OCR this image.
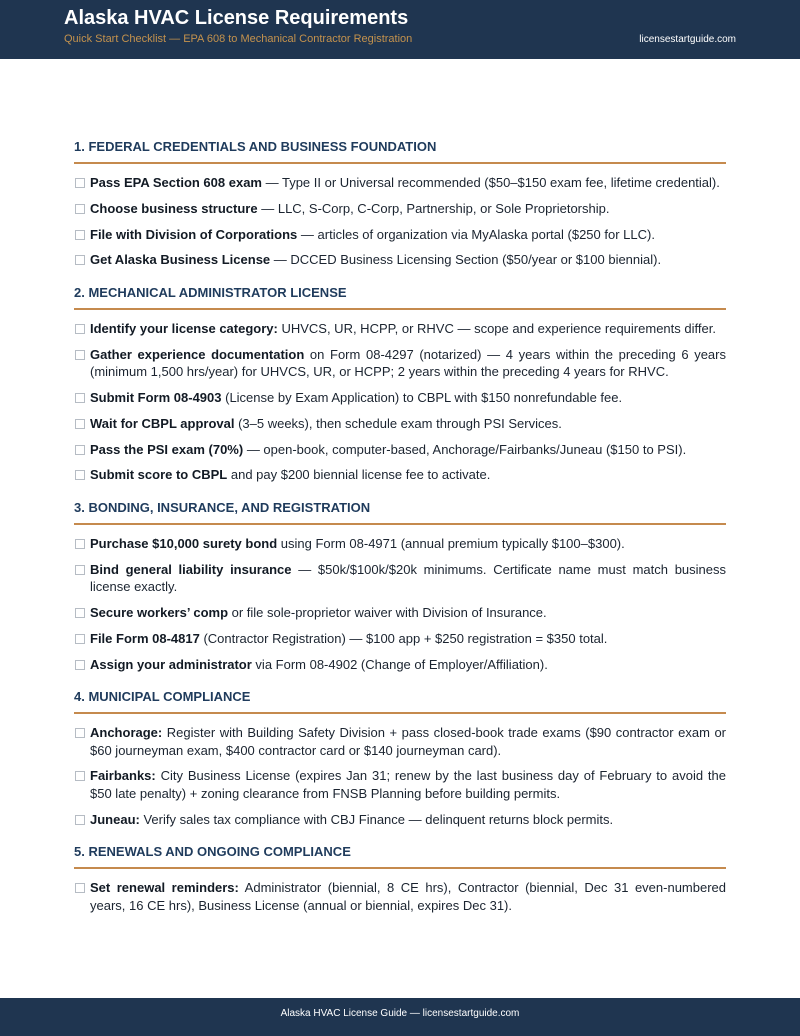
Alaska HVAC License Requirements
Quick Start Checklist — EPA 608 to Mechanical Contractor Registration	licensestartguide.com
1. FEDERAL CREDENTIALS AND BUSINESS FOUNDATION
Pass EPA Section 608 exam — Type II or Universal recommended ($50–$150 exam fee, lifetime credential).
Choose business structure — LLC, S-Corp, C-Corp, Partnership, or Sole Proprietorship.
File with Division of Corporations — articles of organization via MyAlaska portal ($250 for LLC).
Get Alaska Business License — DCCED Business Licensing Section ($50/year or $100 biennial).
2. MECHANICAL ADMINISTRATOR LICENSE
Identify your license category: UHVCS, UR, HCPP, or RHVC — scope and experience requirements differ.
Gather experience documentation on Form 08-4297 (notarized) — 4 years within the preceding 6 years (minimum 1,500 hrs/year) for UHVCS, UR, or HCPP; 2 years within the preceding 4 years for RHVC.
Submit Form 08-4903 (License by Exam Application) to CBPL with $150 nonrefundable fee.
Wait for CBPL approval (3–5 weeks), then schedule exam through PSI Services.
Pass the PSI exam (70%) — open-book, computer-based, Anchorage/Fairbanks/Juneau ($150 to PSI).
Submit score to CBPL and pay $200 biennial license fee to activate.
3. BONDING, INSURANCE, AND REGISTRATION
Purchase $10,000 surety bond using Form 08-4971 (annual premium typically $100–$300).
Bind general liability insurance — $50k/$100k/$20k minimums. Certificate name must match business license exactly.
Secure workers’ comp or file sole-proprietor waiver with Division of Insurance.
File Form 08-4817 (Contractor Registration) — $100 app + $250 registration = $350 total.
Assign your administrator via Form 08-4902 (Change of Employer/Affiliation).
4. MUNICIPAL COMPLIANCE
Anchorage: Register with Building Safety Division + pass closed-book trade exams ($90 contractor exam or $60 journeyman exam, $400 contractor card or $140 journeyman card).
Fairbanks: City Business License (expires Jan 31; renew by the last business day of February to avoid the $50 late penalty) + zoning clearance from FNSB Planning before building permits.
Juneau: Verify sales tax compliance with CBJ Finance — delinquent returns block permits.
5. RENEWALS AND ONGOING COMPLIANCE
Set renewal reminders: Administrator (biennial, 8 CE hrs), Contractor (biennial, Dec 31 even-numbered years, 16 CE hrs), Business License (annual or biennial, expires Dec 31).
Alaska HVAC License Guide — licensestartguide.com
